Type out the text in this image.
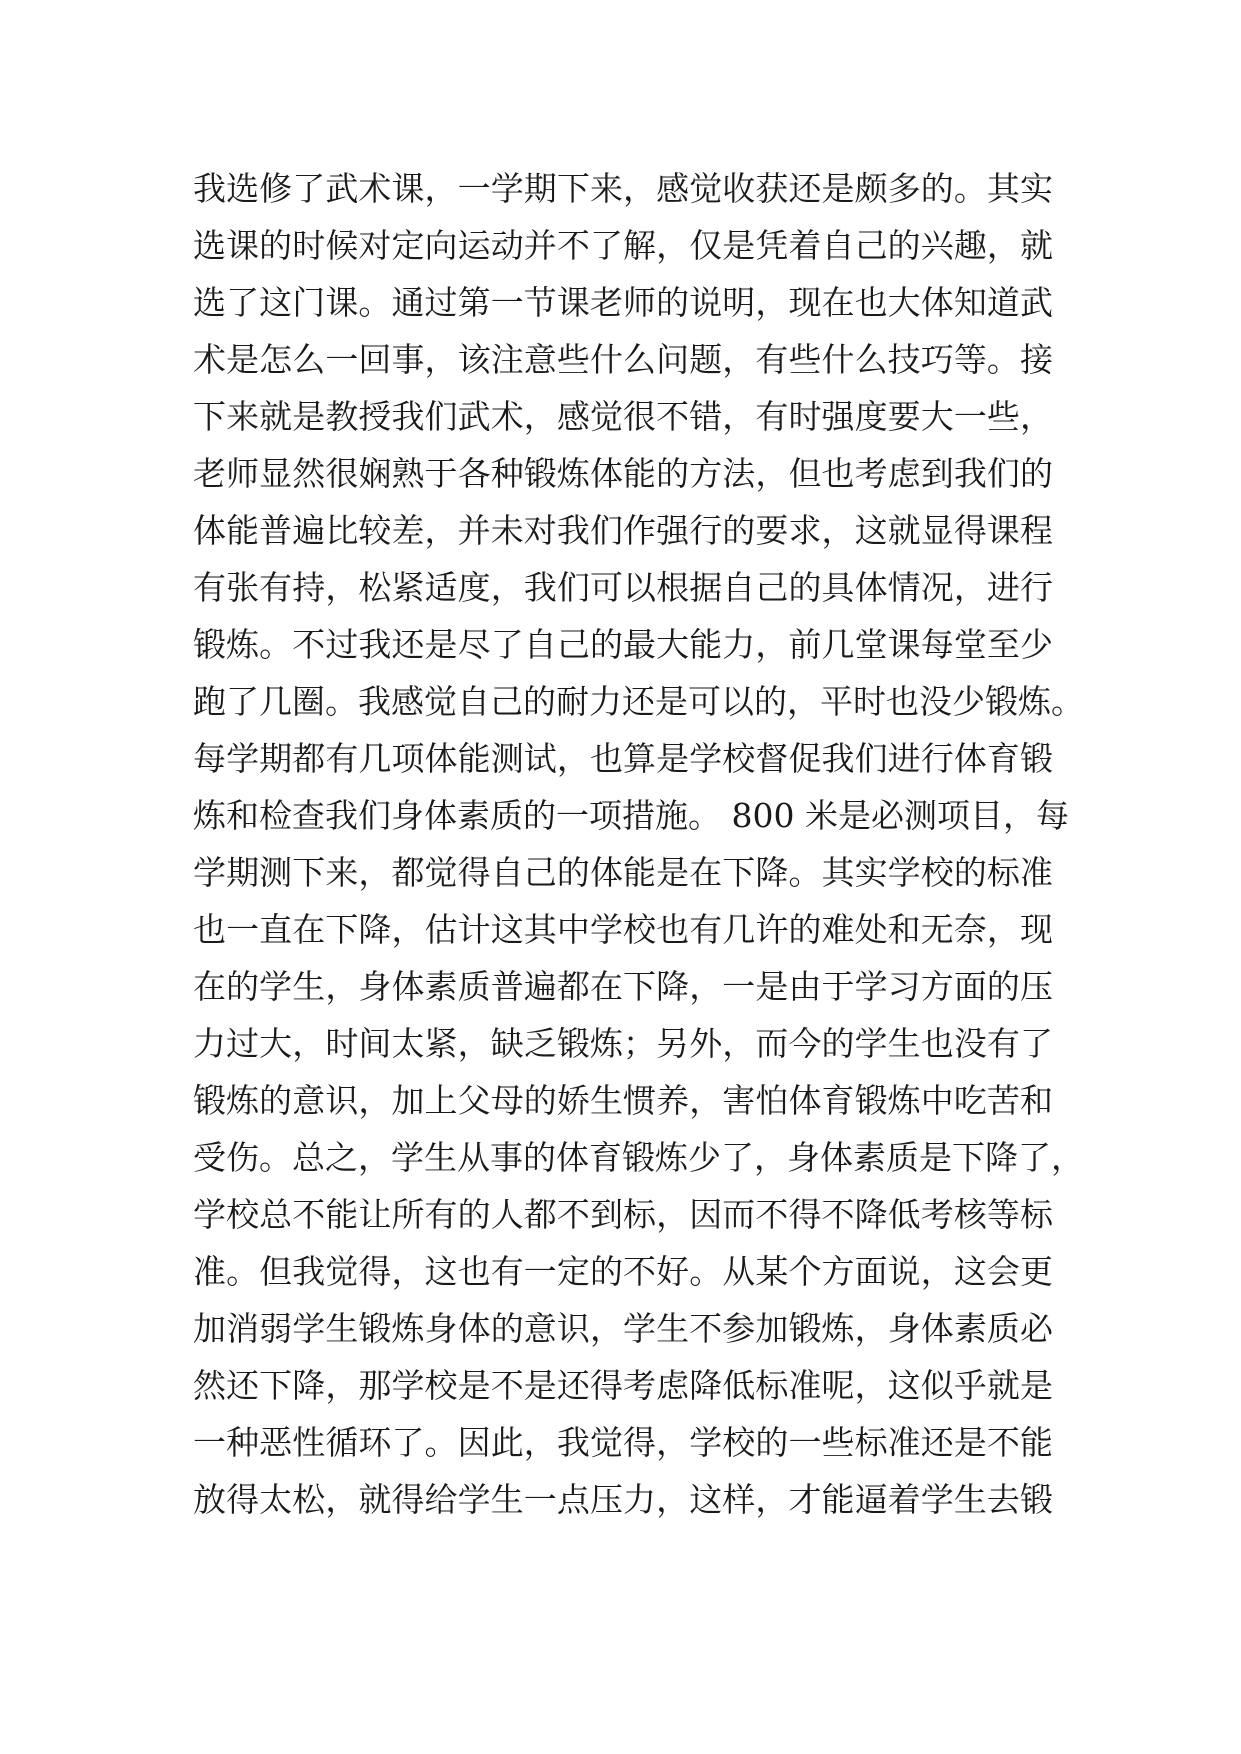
我选修了武术课，一学期下来，感觉收获还是颇多的。其实
选课的时候对定向运动并不了解，仅是凭着自己的兴趣，就
选了这门课。通过第一节课老师的说明，现在也大体知道武
术是怎么一回事，该注意些什么问题，有些什么技巧等。接
下来就是教授我们武术，感觉很不错，有时强度要大一些，
老师显然很娴熟于各种锻炼体能的方法，但也考虑到我们的
体能普遍比较差，并未对我们作强行的要求，这就显得课程
有张有持，松紧适度，我们可以根据自己的具体情况，进行
锻炼。不过我还是尽了自己的最大能力，前几堂课每堂至少
跑了几圈。我感觉自己的耐力还是可以的，平时也没少锻炼。
每学期都有几项体能测试，也算是学校督促我们进行体育锻
炼和检查我们身体素质的一项措施。 800 米是必测项目，每
学期测下来，都觉得自己的体能是在下降。其实学校的标准
也一直在下降，估计这其中学校也有几许的难处和无奈，现
在的学生，身体素质普遍都在下降，一是由于学习方面的压
力过大，时间太紧，缺乏锻炼；另外，而今的学生也没有了
锻炼的意识，加上父母的娇生惯养，害怕体育锻炼中吃苦和
受伤。总之，学生从事的体育锻炼少了，身体素质是下降了，
学校总不能让所有的人都不到标，因而不得不降低考核等标
准。但我觉得，这也有一定的不好。从某个方面说，这会更
加消弱学生锻炼身体的意识，学生不参加锻炼，身体素质必
然还下降，那学校是不是还得考虑降低标准呢，这似乎就是
一种恶性循环了。因此，我觉得，学校的一些标准还是不能
放得太松，就得给学生一点压力，这样，才能逼着学生去锻
